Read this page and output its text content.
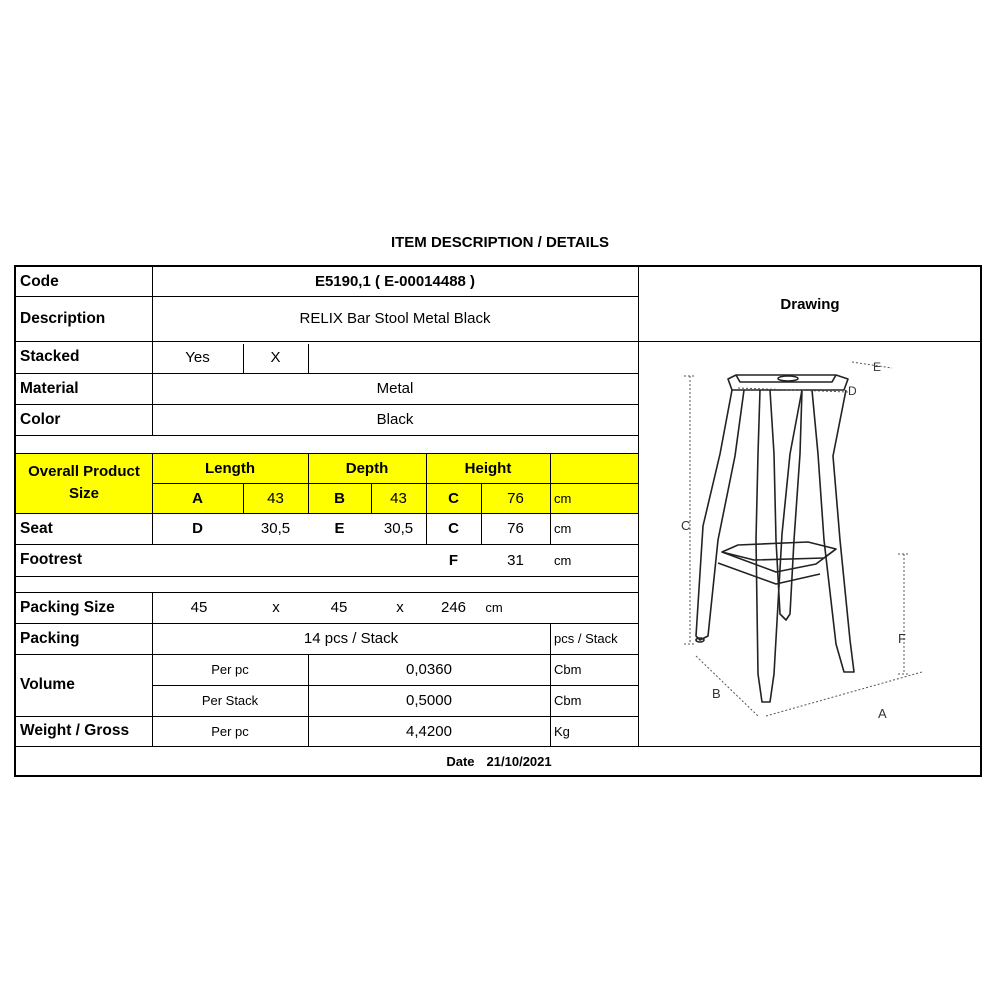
ITEM DESCRIPTION / DETAILS
Code	E5190,1 ( E-00014488 )
Description	RELIX Bar Stool Metal Black
Drawing
Stacked	Yes	X
Material	Metal
Color	Black
Overall Product Size
Length	Depth	Height
A	43	B	43	C	76	cm
Seat	D	30,5	E	30,5	C	76	cm
Footrest	F	31	cm
Packing Size	45	x	45	x	246	cm
Packing	14 pcs / Stack	pcs / Stack
Volume
Per pc	0,0360	Cbm
Per Stack	0,5000	Cbm
Weight / Gross	Per pc	4,4200	Kg
Date 21/10/2021
C
F
B
A
D
E
